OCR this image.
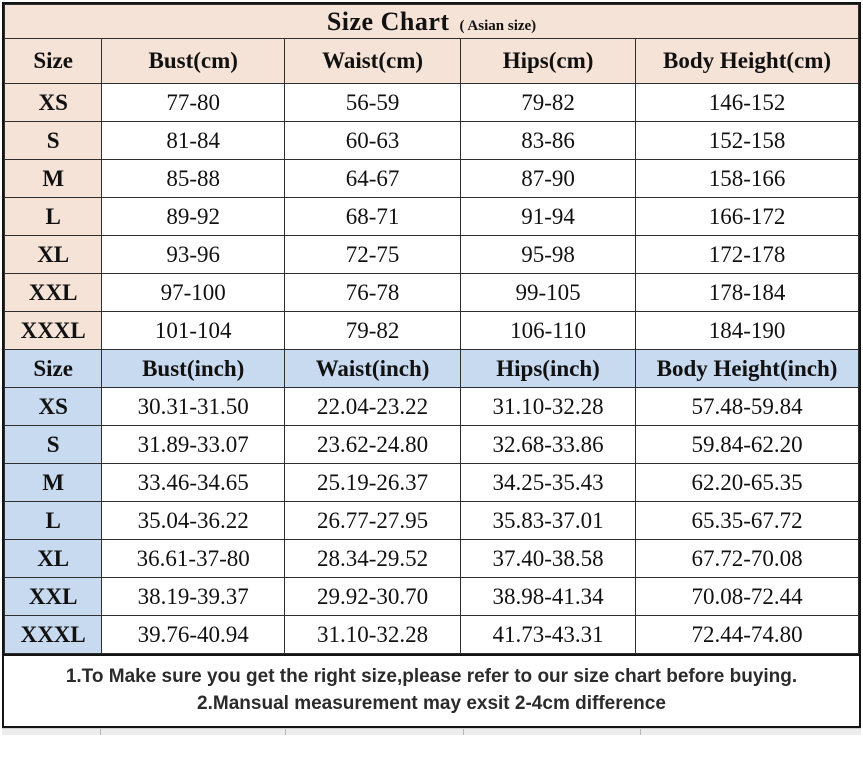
Size Chart ( Asian size)				
Size	Bust(cm)	Waist(cm)	Hips(cm)	Body Height(cm)
XS	77-80	56-59	79-82	146-152
S	81-84	60-63	83-86	152-158
M	85-88	64-67	87-90	158-166
L	89-92	68-71	91-94	166-172
XL	93-96	72-75	95-98	172-178
XXL	97-100	76-78	99-105	178-184
XXXL	101-104	79-82	106-110	184-190
Size	Bust(inch)	Waist(inch)	Hips(inch)	Body Height(inch)
XS	30.31-31.50	22.04-23.22	31.10-32.28	57.48-59.84
S	31.89-33.07	23.62-24.80	32.68-33.86	59.84-62.20
M	33.46-34.65	25.19-26.37	34.25-35.43	62.20-65.35
L	35.04-36.22	26.77-27.95	35.83-37.01	65.35-67.72
XL	36.61-37-80	28.34-29.52	37.40-38.58	67.72-70.08
XXL	38.19-39.37	29.92-30.70	38.98-41.34	70.08-72.44
XXXL	39.76-40.94	31.10-32.28	41.73-43.31	72.44-74.80
1.To Make sure you get the right size,please refer to our size chart before buying.
2.Mansual measurement may exsit 2-4cm difference
